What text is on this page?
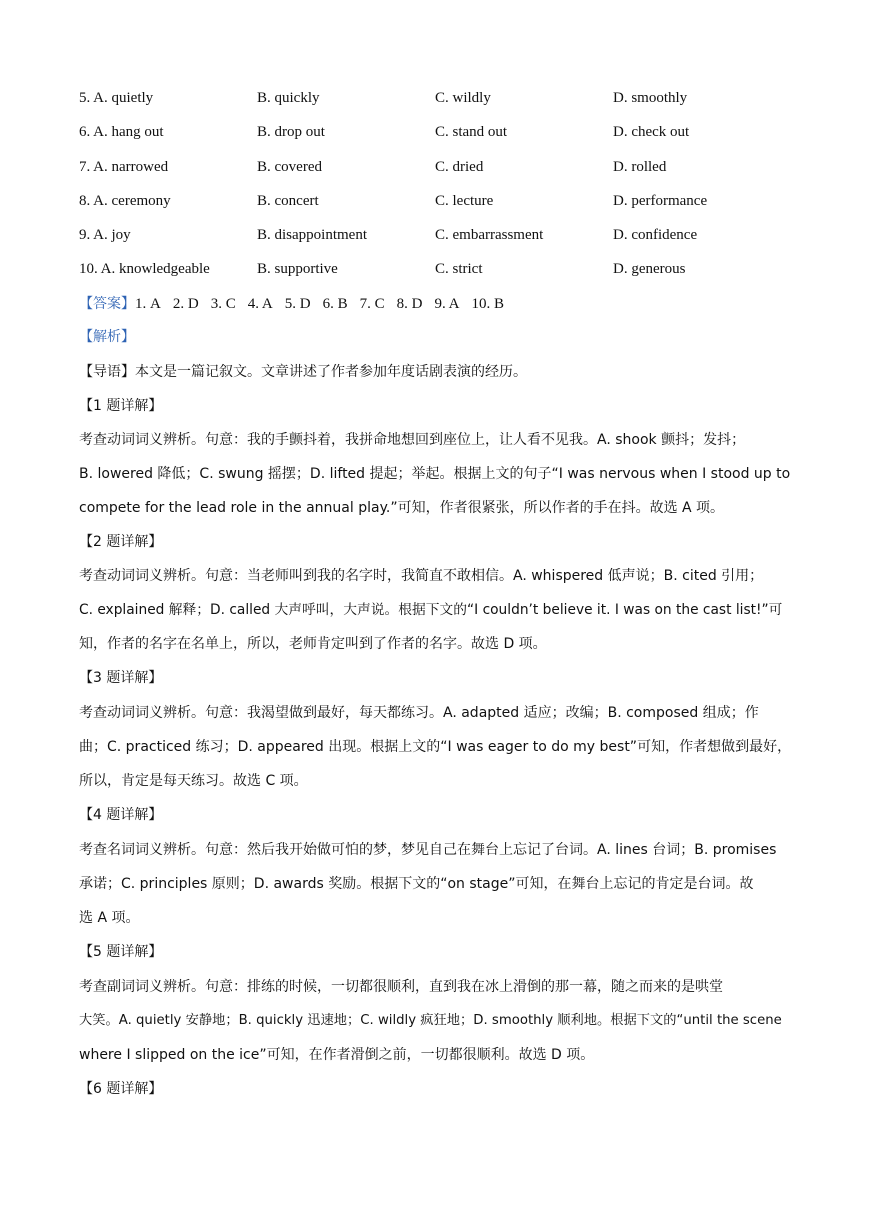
5. A. quietly	B. quickly	C. wildly	D. smoothly
6. A. hang out	B. drop out	C. stand out	D. check out
7. A. narrowed	B. covered	C. dried	D. rolled
8. A. ceremony	B. concert	C. lecture	D. performance
9. A. joy	B. disappointment	C. embarrassment	D. confidence
10. A. knowledgeable	B. supportive	C. strict	D. generous
【答案】1. A 2. D 3. C 4. A 5. D 6. B 7. C 8. D 9. A 10. B
【解析】
【导语】本文是一篇记叙文。文章讲述了作者参加年度话剧表演的经历。
【1 题详解】
考查动词词义辨析。句意：我的手颤抖着，我拼命地想回到座位上，让人看不见我。A. shook 颤抖；发抖；
B. lowered 降低；C. swung 摇摆；D. lifted 提起；举起。根据上文的句子“I was nervous when I stood up to
compete for the lead role in the annual play.”可知，作者很紧张，所以作者的手在抖。故选 A 项。
【2 题详解】
考查动词词义辨析。句意：当老师叫到我的名字时，我简直不敢相信。A. whispered 低声说；B. cited 引用；
C. explained 解释；D. called 大声呼叫，大声说。根据下文的“I couldn’t believe it. I was on the cast list!”可
知，作者的名字在名单上，所以，老师肯定叫到了作者的名字。故选 D 项。
【3 题详解】
考查动词词义辨析。句意：我渴望做到最好，每天都练习。A. adapted 适应；改编；B. composed 组成；作
曲；C. practiced 练习；D. appeared 出现。根据上文的“I was eager to do my best”可知，作者想做到最好，
所以，肯定是每天练习。故选 C 项。
【4 题详解】
考查名词词义辨析。句意：然后我开始做可怕的梦，梦见自己在舞台上忘记了台词。A. lines 台词；B. promises
承诺；C. principles 原则；D. awards 奖励。根据下文的“on stage”可知，在舞台上忘记的肯定是台词。故
选 A 项。
【5 题详解】
考查副词词义辨析。句意：排练的时候，一切都很顺利，直到我在冰上滑倒的那一幕，随之而来的是哄堂
大笑。A. quietly 安静地；B. quickly 迅速地；C. wildly 疯狂地；D. smoothly 顺利地。根据下文的“until the scene
where I slipped on the ice”可知，在作者滑倒之前，一切都很顺利。故选 D 项。
【6 题详解】
